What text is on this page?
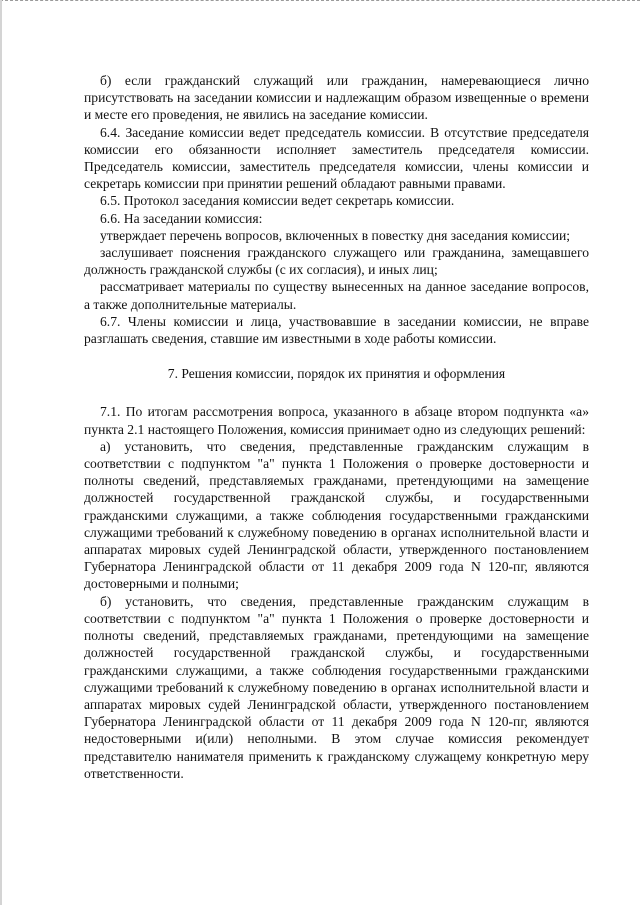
б) если гражданский служащий или гражданин, намеревающиеся лично присутствовать на заседании комиссии и надлежащим образом извещенные о времени и месте его проведения, не явились на заседание комиссии.

6.4. Заседание комиссии ведет председатель комиссии. В отсутствие председателя комиссии его обязанности исполняет заместитель председателя комиссии. Председатель комиссии, заместитель председателя комиссии, члены комиссии и секретарь комиссии при принятии решений обладают равными правами.

6.5. Протокол заседания комиссии ведет секретарь комиссии.

6.6. На заседании комиссия:

утверждает перечень вопросов, включенных в повестку дня заседания комиссии;

заслушивает пояснения гражданского служащего или гражданина, замещавшего должность гражданской службы (с их согласия), и иных лиц;

рассматривает материалы по существу вынесенных на данное заседание вопросов, а также дополнительные материалы.

6.7. Члены комиссии и лица, участвовавшие в заседании комиссии, не вправе разглашать сведения, ставшие им известными в ходе работы комиссии.

7. Решения комиссии, порядок их принятия и оформления

7.1. По итогам рассмотрения вопроса, указанного в абзаце втором подпункта «а» пункта 2.1 настоящего Положения, комиссия принимает одно из следующих решений:

а) установить, что сведения, представленные гражданским служащим в соответствии с подпунктом "а" пункта 1 Положения о проверке достоверности и полноты сведений, представляемых гражданами, претендующими на замещение должностей государственной гражданской службы, и государственными гражданскими служащими, а также соблюдения государственными гражданскими служащими требований к служебному поведению в органах исполнительной власти и аппаратах мировых судей Ленинградской области, утвержденного постановлением Губернатора Ленинградской области от 11 декабря 2009 года N 120-пг, являются достоверными и полными;

б) установить, что сведения, представленные гражданским служащим в соответствии с подпунктом "а" пункта 1 Положения о проверке достоверности и полноты сведений, представляемых гражданами, претендующими на замещение должностей государственной гражданской службы, и государственными гражданскими служащими, а также соблюдения государственными гражданскими служащими требований к служебному поведению в органах исполнительной власти и аппаратах мировых судей Ленинградской области, утвержденного постановлением Губернатора Ленинградской области от 11 декабря 2009 года N 120-пг, являются недостоверными и(или) неполными. В этом случае комиссия рекомендует представителю нанимателя применить к гражданскому служащему конкретную меру ответственности.
